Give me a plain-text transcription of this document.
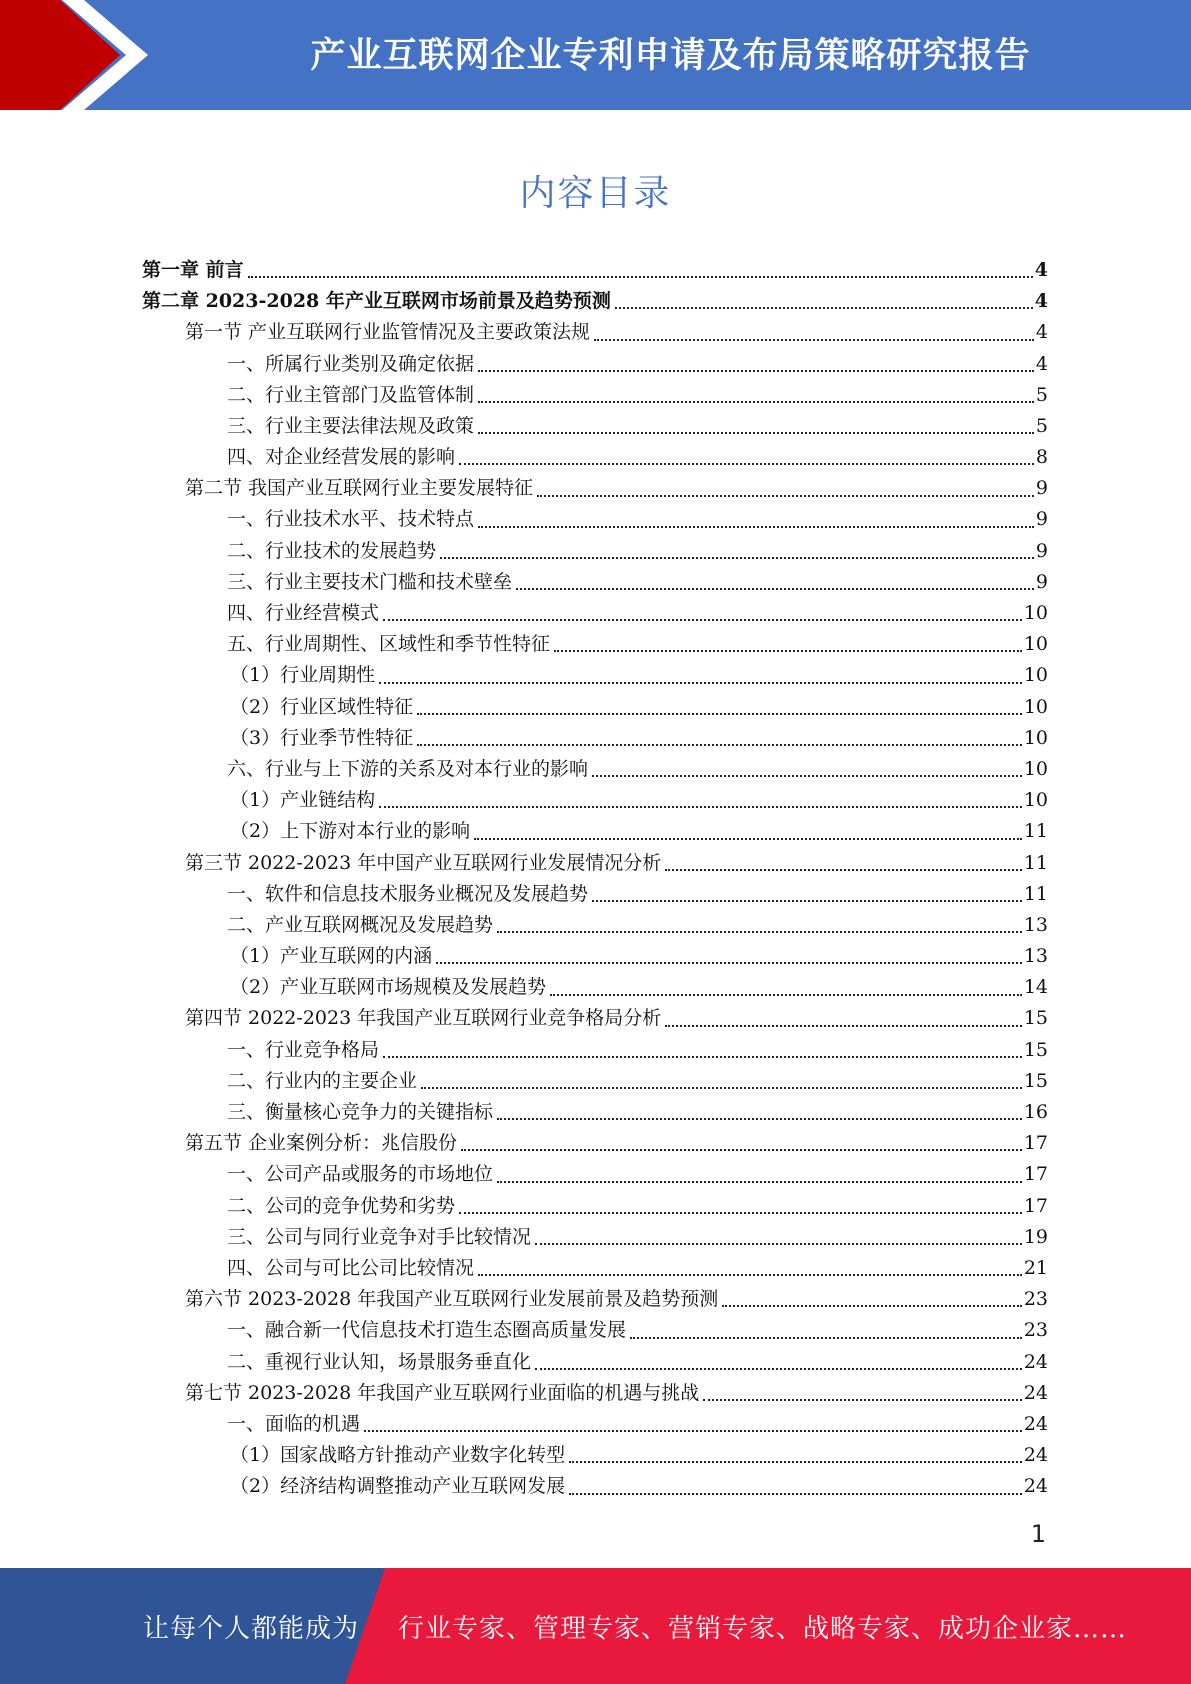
产业互联网企业专利申请及布局策略研究报告
内容目录
第一章 前言	4
第二章 2023-2028 年产业互联网市场前景及趋势预测	4
第一节 产业互联网行业监管情况及主要政策法规	4
一、所属行业类别及确定依据	4
二、行业主管部门及监管体制	5
三、行业主要法律法规及政策	5
四、对企业经营发展的影响	8
第二节 我国产业互联网行业主要发展特征	9
一、行业技术水平、技术特点	9
二、行业技术的发展趋势	9
三、行业主要技术门槛和技术壁垒	9
四、行业经营模式	10
五、行业周期性、区域性和季节性特征	10
（1）行业周期性	10
（2）行业区域性特征	10
（3）行业季节性特征	10
六、行业与上下游的关系及对本行业的影响	10
（1）产业链结构	10
（2）上下游对本行业的影响	11
第三节 2022-2023 年中国产业互联网行业发展情况分析	11
一、软件和信息技术服务业概况及发展趋势	11
二、产业互联网概况及发展趋势	13
（1）产业互联网的内涵	13
（2）产业互联网市场规模及发展趋势	14
第四节 2022-2023 年我国产业互联网行业竞争格局分析	15
一、行业竞争格局	15
二、行业内的主要企业	15
三、衡量核心竞争力的关键指标	16
第五节 企业案例分析：兆信股份	17
一、公司产品或服务的市场地位	17
二、公司的竞争优势和劣势	17
三、公司与同行业竞争对手比较情况	19
四、公司与可比公司比较情况	21
第六节 2023-2028 年我国产业互联网行业发展前景及趋势预测	23
一、融合新一代信息技术打造生态圈高质量发展	23
二、重视行业认知，场景服务垂直化	24
第七节 2023-2028 年我国产业互联网行业面临的机遇与挑战	24
一、面临的机遇	24
（1）国家战略方针推动产业数字化转型	24
（2）经济结构调整推动产业互联网发展	24
1
让每个人都能成为 行业专家、管理专家、营销专家、战略专家、成功企业家……
